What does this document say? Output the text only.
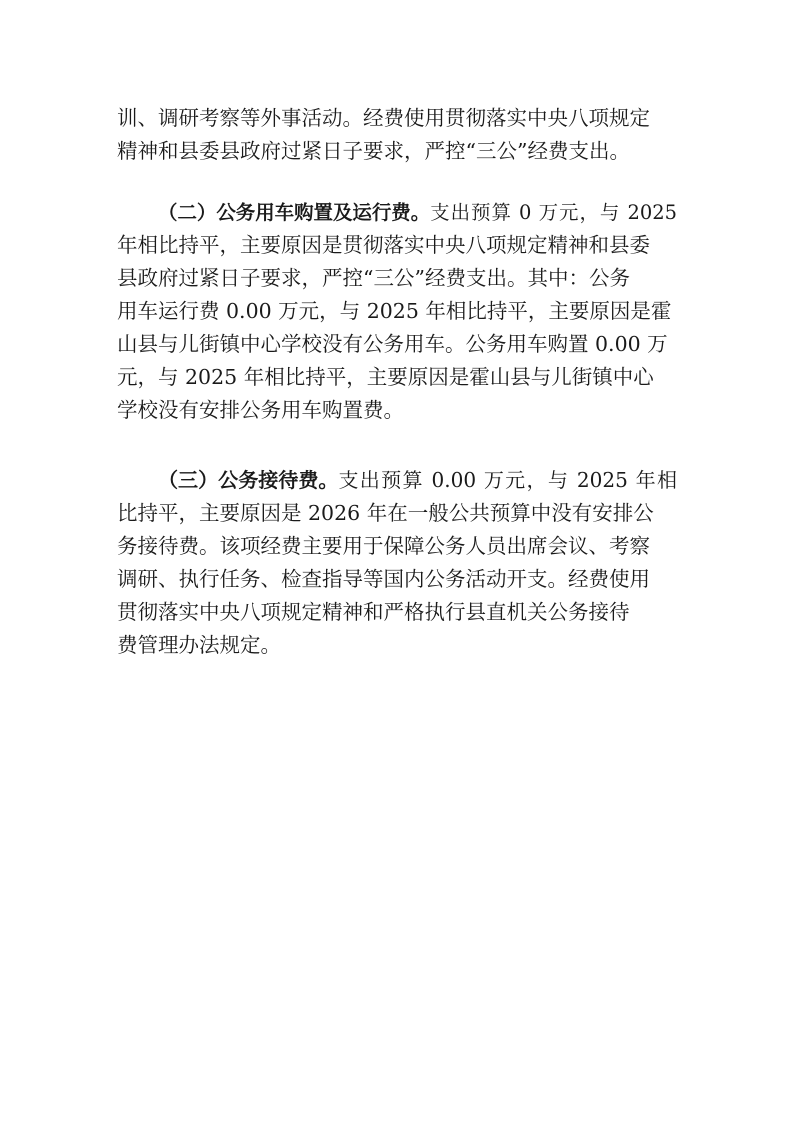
训、调研考察等外事活动。经费使用贯彻落实中央八项规定
精神和县委县政府过紧日子要求，严控“三公”经费支出。
（二）公务用车购置及运行费。 支出预算 0 万元，与 2025
年相比持平，主要原因是贯彻落实中央八项规定精神和县委
县政府过紧日子要求，严控“三公”经费支出。其中：公务
用车运行费 0.00 万元，与 2025 年相比持平，主要原因是霍
山县与儿街镇中心学校没有公务用车。公务用车购置 0.00 万
元，与 2025 年相比持平，主要原因是霍山县与儿街镇中心
学校没有安排公务用车购置费。
（三）公务接待费。 支出预算 0.00 万元，与 2025 年相
比持平，主要原因是 2026 年在一般公共预算中没有安排公
务接待费。该项经费主要用于保障公务人员出席会议、考察
调研、执行任务、检查指导等国内公务活动开支。经费使用
贯彻落实中央八项规定精神和严格执行县直机关公务接待
费管理办法规定。
